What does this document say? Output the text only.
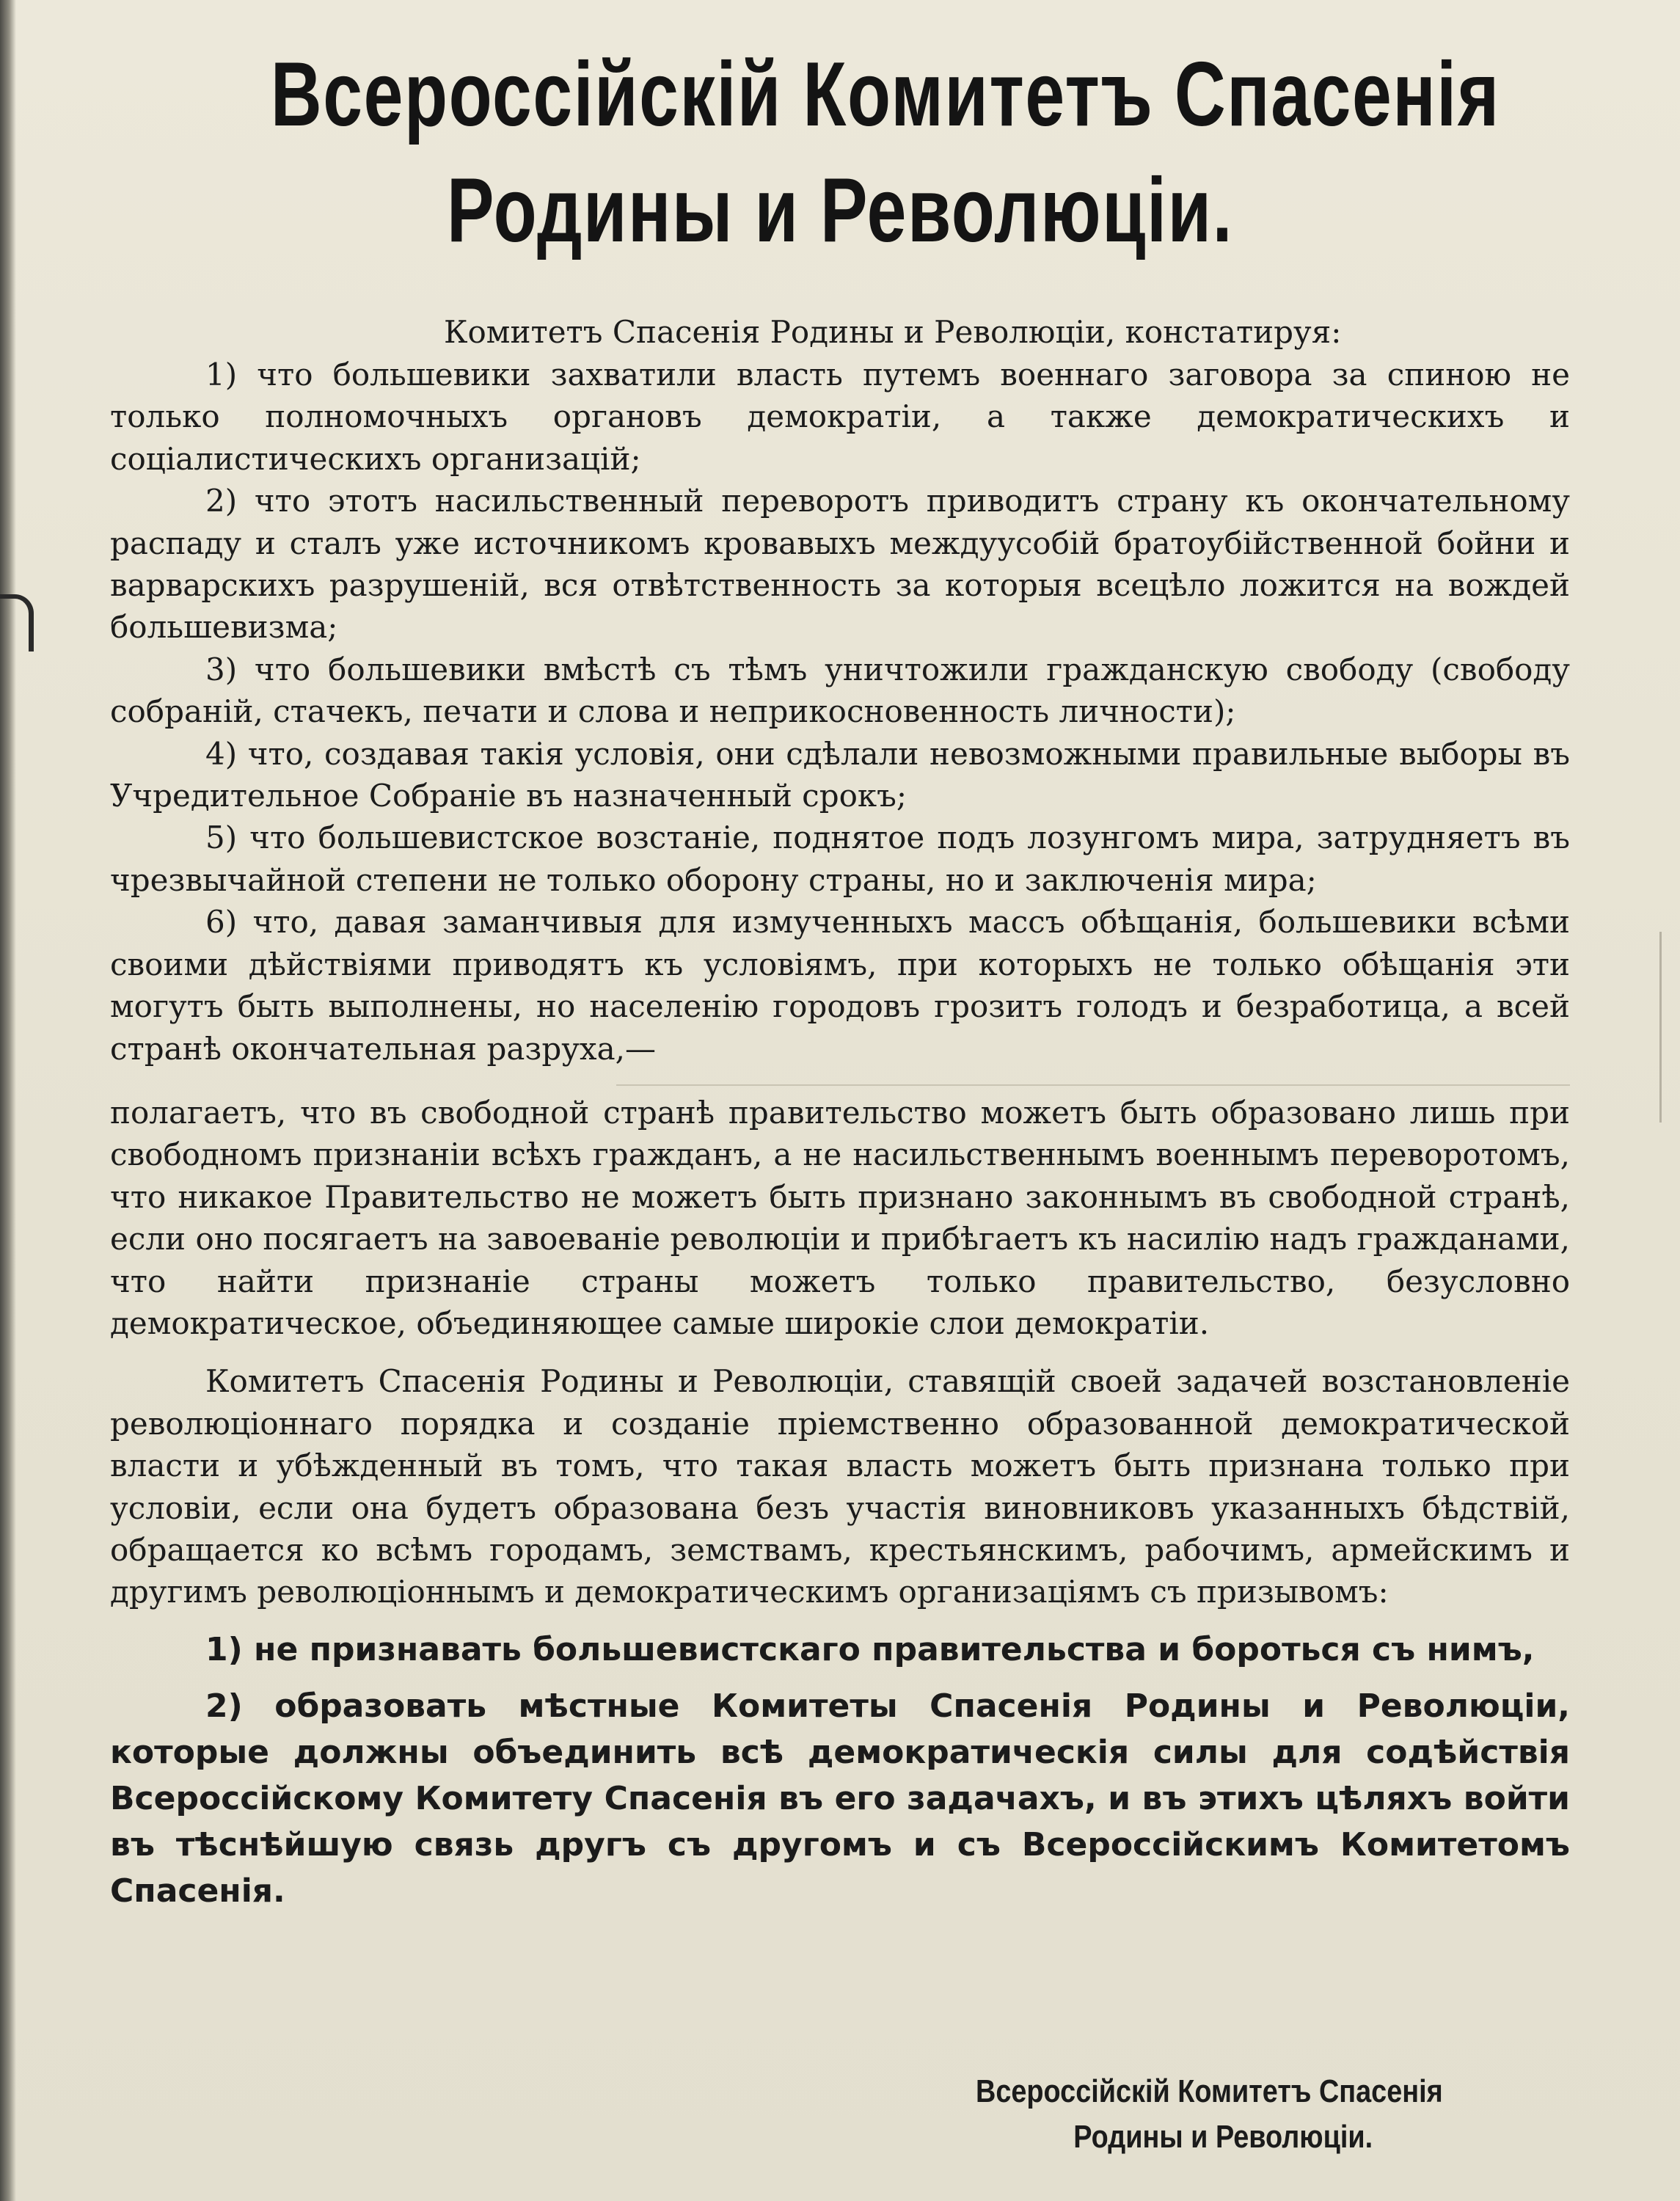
Всероссійскій Комитетъ Спасенія
Родины и Революціи.

Комитетъ Спасенія Родины и Революціи, констатируя:

1) что большевики захватили власть путемъ военнаго заговора за спиною не только полномочныхъ органовъ демократіи, а также демократическихъ и соціалистическихъ организацій;
2) что этотъ насильственный переворотъ приводитъ страну къ окончательному распаду и сталъ уже источникомъ кровавыхъ междуусобій братоубійственной бойни и варварскихъ разрушеній, вся отвѣтственность за которыя всецѣло ложится на вождей большевизма;
3) что большевики вмѣстѣ съ тѣмъ уничтожили гражданскую свободу (свободу собраній, стачекъ, печати и слова и неприкосновенность личности);
4) что, создавая такія условія, они сдѣлали невозможными правильные выборы въ Учредительное Собраніе въ назначенный срокъ;
5) что большевистское возстаніе, поднятое подъ лозунгомъ мира, затрудняетъ въ чрезвычайной степени не только оборону страны, но и заключенія мира;
6) что, давая заманчивыя для измученныхъ массъ обѣщанія, большевики всѣми своими дѣйствіями приводятъ къ условіямъ, при которыхъ не только обѣщанія эти могутъ быть выполнены, но населенію городовъ грозитъ голодъ и безработица, а всей странѣ окончательная разруха,—

полагаетъ, что въ свободной странѣ правительство можетъ быть образовано лишь при свободномъ признаніи всѣхъ гражданъ, а не насильственнымъ военнымъ переворотомъ, что никакое Правительство не можетъ быть признано законнымъ въ свободной странѣ, если оно посягаетъ на завоеваніе революціи и прибѣгаетъ къ насилію надъ гражданами, что найти признаніе страны можетъ только правительство, безусловно демократическое, объединяющее самые широкіе слои демократіи.

Комитетъ Спасенія Родины и Революціи, ставящій своей задачей возстановленіе революціоннаго порядка и созданіе пріемственно образованной демократической власти и убѣжденный въ томъ, что такая власть можетъ быть признана только при условіи, если она будетъ образована безъ участія виновниковъ указанныхъ бѣдствій, обращается ко всѣмъ городамъ, земствамъ, крестьянскимъ, рабочимъ, армейскимъ и другимъ революціоннымъ и демократическимъ организаціямъ съ призывомъ:

1) не признавать большевистскаго правительства и бороться съ нимъ,
2) образовать мѣстные Комитеты Спасенія Родины и Революціи, которые должны объединить всѣ демократическія силы для содѣйствія Всероссійскому Комитету Спасенія въ его задачахъ, и въ этихъ цѣляхъ войти въ тѣснѣйшую связь другъ съ другомъ и съ Всероссійскимъ Комитетомъ Спасенія.
Всероссійскій Комитетъ Спасенія
Родины и Революціи.
